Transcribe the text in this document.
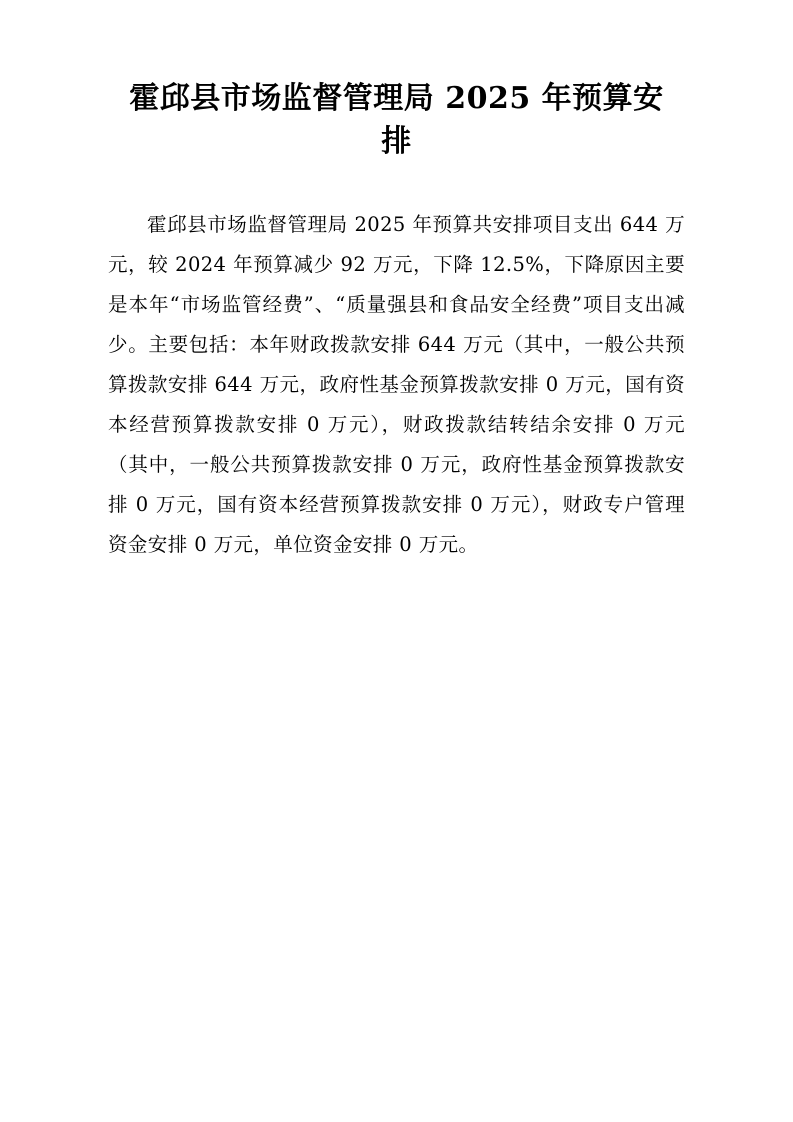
霍邱县市场监督管理局 2025 年预算安排

霍邱县市场监督管理局 2025 年预算共安排项目支出 644 万元，较 2024 年预算减少 92 万元，下降 12.5%，下降原因主要是本年“市场监管经费”、“质量强县和食品安全经费”项目支出减少。主要包括：本年财政拨款安排 644 万元（其中，一般公共预算拨款安排 644 万元，政府性基金预算拨款安排 0 万元，国有资本经营预算拨款安排 0 万元），财政拨款结转结余安排 0 万元（其中，一般公共预算拨款安排 0 万元，政府性基金预算拨款安排 0 万元，国有资本经营预算拨款安排 0 万元），财政专户管理资金安排 0 万元，单位资金安排 0 万元。
